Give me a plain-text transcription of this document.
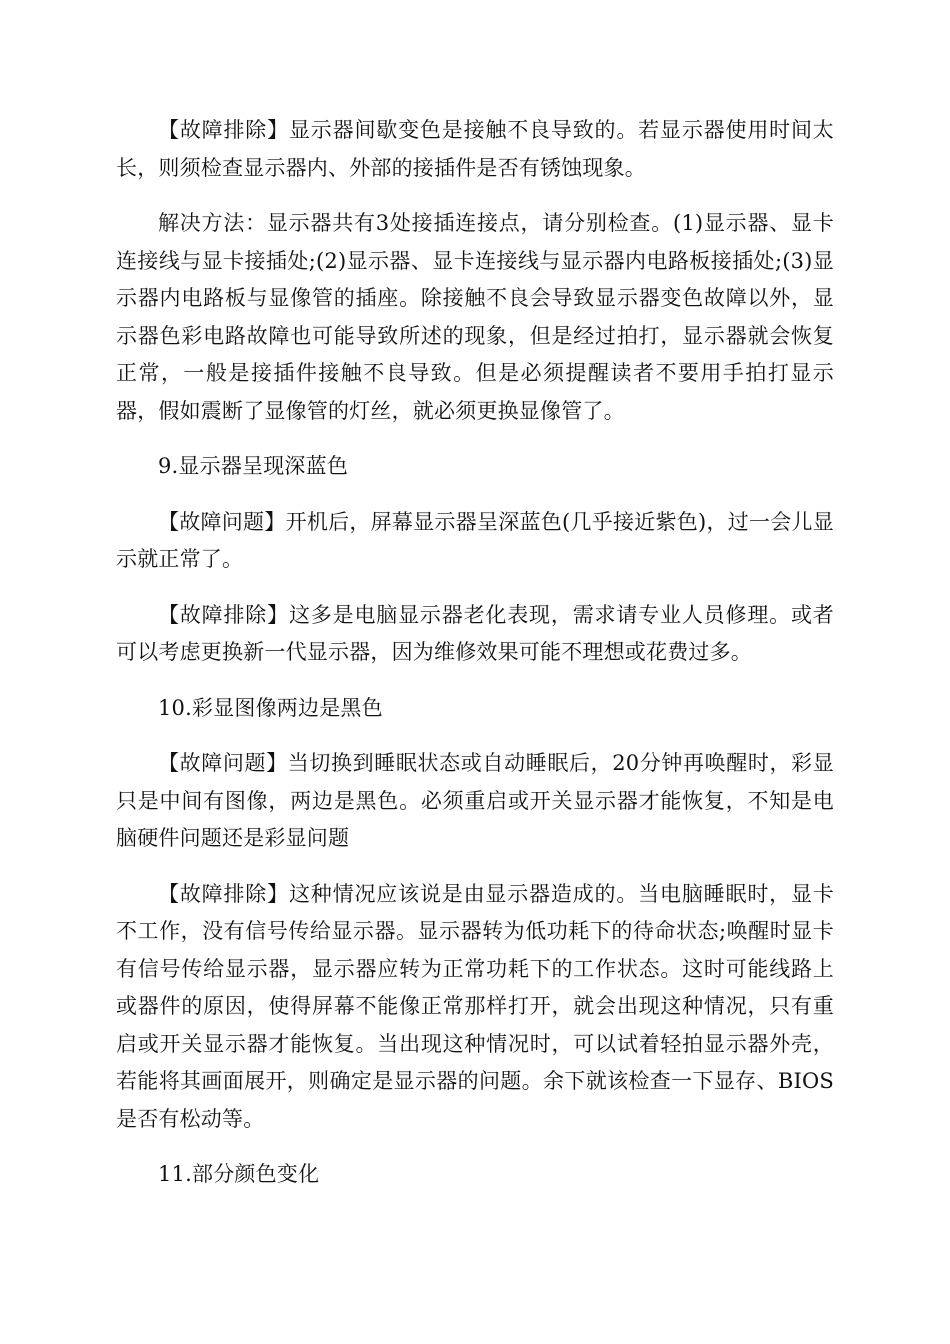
【故障排除】显示器间歇变色是接触不良导致的。若显示器使用时间太长，则须检查显示器内、外部的接插件是否有锈蚀现象。

解决方法：显示器共有3处接插连接点，请分别检查。(1)显示器、显卡连接线与显卡接插处;(2)显示器、显卡连接线与显示器内电路板接插处;(3)显示器内电路板与显像管的插座。除接触不良会导致显示器变色故障以外，显示器色彩电路故障也可能导致所述的现象，但是经过拍打，显示器就会恢复正常，一般是接插件接触不良导致。但是必须提醒读者不要用手拍打显示器，假如震断了显像管的灯丝，就必须更换显像管了。

9.显示器呈现深蓝色

【故障问题】开机后，屏幕显示器呈深蓝色(几乎接近紫色)，过一会儿显示就正常了。

【故障排除】这多是电脑显示器老化表现，需求请专业人员修理。或者可以考虑更换新一代显示器，因为维修效果可能不理想或花费过多。

10.彩显图像两边是黑色

【故障问题】当切换到睡眠状态或自动睡眠后，20分钟再唤醒时，彩显只是中间有图像，两边是黑色。必须重启或开关显示器才能恢复，不知是电脑硬件问题还是彩显问题

【故障排除】这种情况应该说是由显示器造成的。当电脑睡眠时，显卡不工作，没有信号传给显示器。显示器转为低功耗下的待命状态;唤醒时显卡有信号传给显示器，显示器应转为正常功耗下的工作状态。这时可能线路上或器件的原因，使得屏幕不能像正常那样打开，就会出现这种情况，只有重启或开关显示器才能恢复。当出现这种情况时，可以试着轻拍显示器外壳，若能将其画面展开，则确定是显示器的问题。余下就该检查一下显存、BIOS是否有松动等。

11.部分颜色变化
